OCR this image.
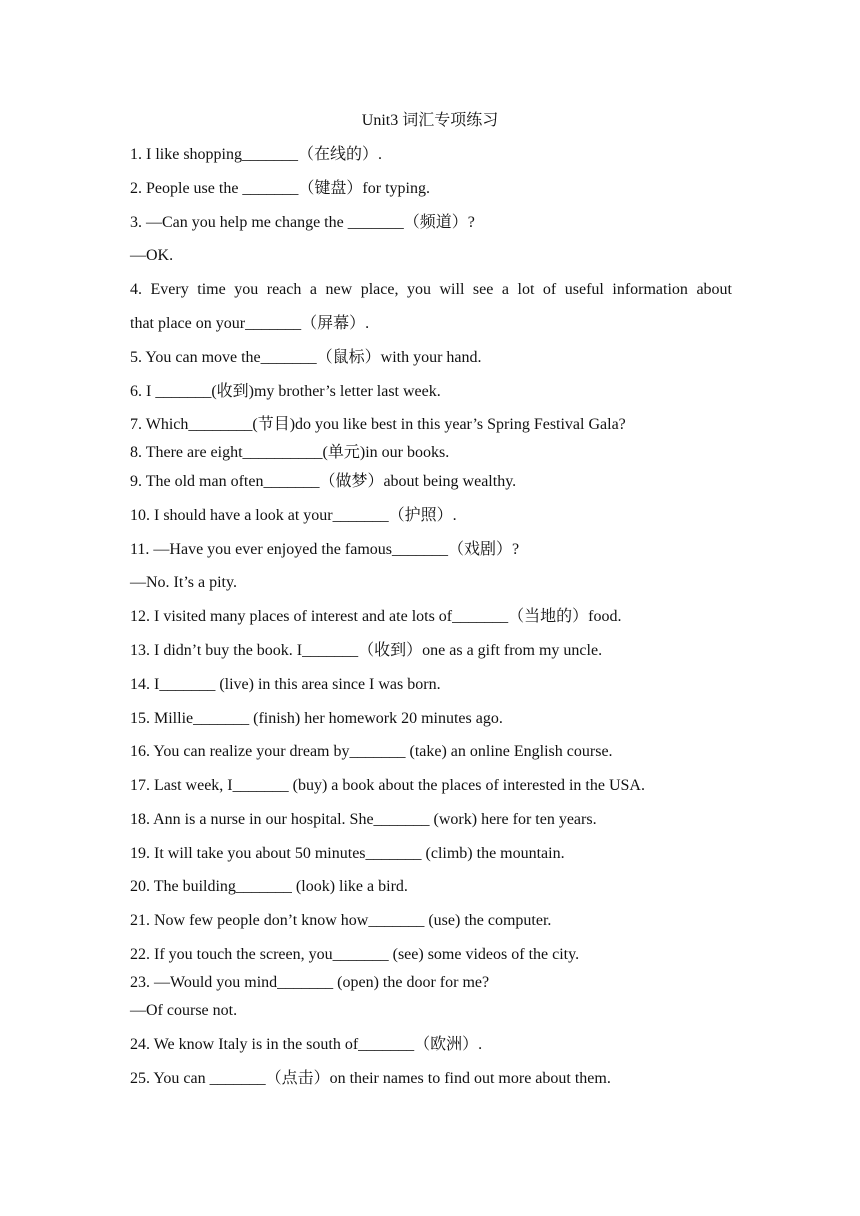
Unit3 词汇专项练习
1. I like shopping_______（在线的）.
2. People use the _______（键盘）for typing.
3. —Can you help me change the _______（频道）?
—OK.
4. Every time you reach a new place, you will see a lot of useful information about
that place on your_______（屏幕）.
5. You can move the_______（鼠标）with your hand.
6. I _______(收到)my brother’s letter last week.
7. Which________(节目)do you like best in this year’s Spring Festival Gala?
8. There are eight__________(单元)in our books.
9. The old man often_______（做梦）about being wealthy.
10. I should have a look at your_______（护照）.
11. —Have you ever enjoyed the famous_______（戏剧）?
—No. It’s a pity.
12. I visited many places of interest and ate lots of_______（当地的）food.
13. I didn’t buy the book. I_______（收到）one as a gift from my uncle.
14. I_______ (live) in this area since I was born.
15. Millie_______ (finish) her homework 20 minutes ago.
16. You can realize your dream by_______ (take) an online English course.
17. Last week, I_______ (buy) a book about the places of interested in the USA.
18. Ann is a nurse in our hospital. She_______ (work) here for ten years.
19. It will take you about 50 minutes_______ (climb) the mountain.
20. The building_______ (look) like a bird.
21. Now few people don’t know how_______ (use) the computer.
22. If you touch the screen, you_______ (see) some videos of the city.
23. —Would you mind_______ (open) the door for me?
—Of course not.
24. We know Italy is in the south of_______（欧洲）.
25. You can _______（点击）on their names to find out more about them.
